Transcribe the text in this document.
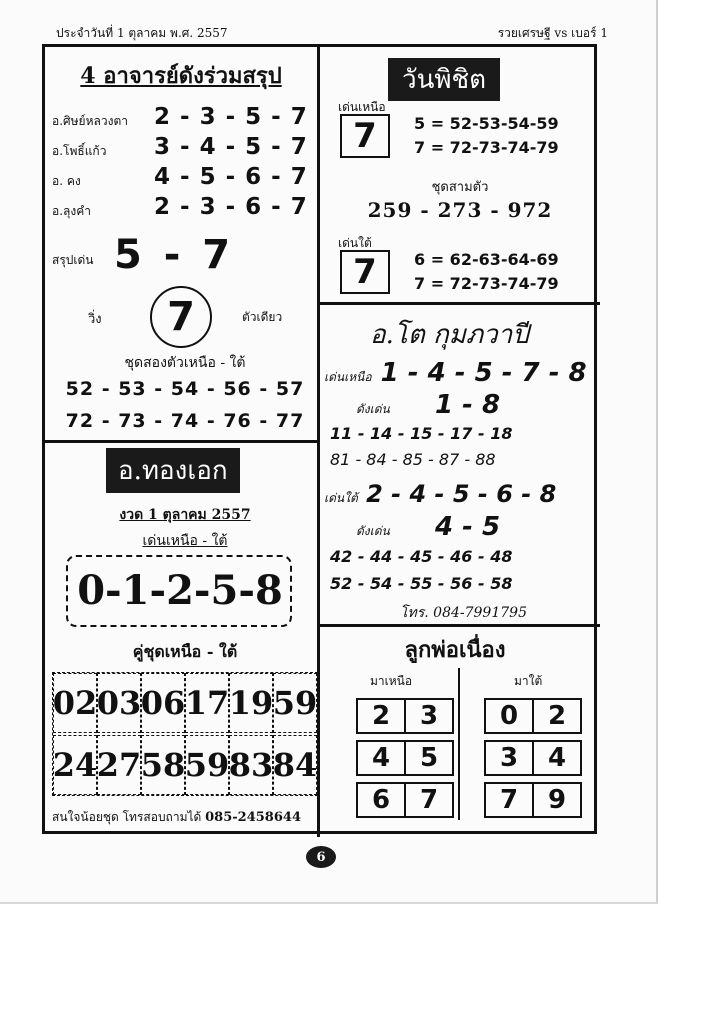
ประจำวันที่ 1 ตุลาคม พ.ศ. 2557	รวยเศรษฐี vs เบอร์ 1
4 อาจารย์ดังร่วมสรุป
อ.ศิษย์หลวงตา 2 - 3 - 5 - 7
อ.โพธิ์แก้ว 3 - 4 - 5 - 7
อ. คง	4 - 5 - 6 - 7
อ.ลุงคำ	2 - 3 - 6 - 7
สรุปเด่น 5 - 7
วิ่ง	7	ตัวเดียว
ชุดสองตัวเหนือ - ใต้
52 - 53 - 54 - 56 - 57
72 - 73 - 74 - 76 - 77
อ.ทองเอก
งวด 1 ตุลาคม 2557
เด่นเหนือ - ใต้
0-1-2-5-8
คู่ชุดเหนือ - ใต้
02 03 06 17 19 59
24 27 58 59 83 84
สนใจน้อยชุด โทรสอบถามได้ 085-2458644
วันพิชิต
เด่นเหนือ
7	5 = 52-53-54-59
7 = 72-73-74-79
ชุดสามตัว
259 - 273 - 972
เด่นใต้
7	6 = 62-63-64-69
7 = 72-73-74-79
อ.โต กุมภวาปี
เด่นเหนือ 1 - 4 - 5 - 7 - 8
ดังเด่น 1 - 8
11 - 14 - 15 - 17 - 18
81 - 84 - 85 - 87 - 88
เด่นใต้ 2 - 4 - 5 - 6 - 8
ดังเด่น 4 - 5
42 - 44 - 45 - 46 - 48
52 - 54 - 55 - 56 - 58
โทร. 084-7991795
ลูกพ่อเนื่อง
มาเหนือ	มาใต้
2	3
4	5
6	7
0	2
3	4
7	9
6
